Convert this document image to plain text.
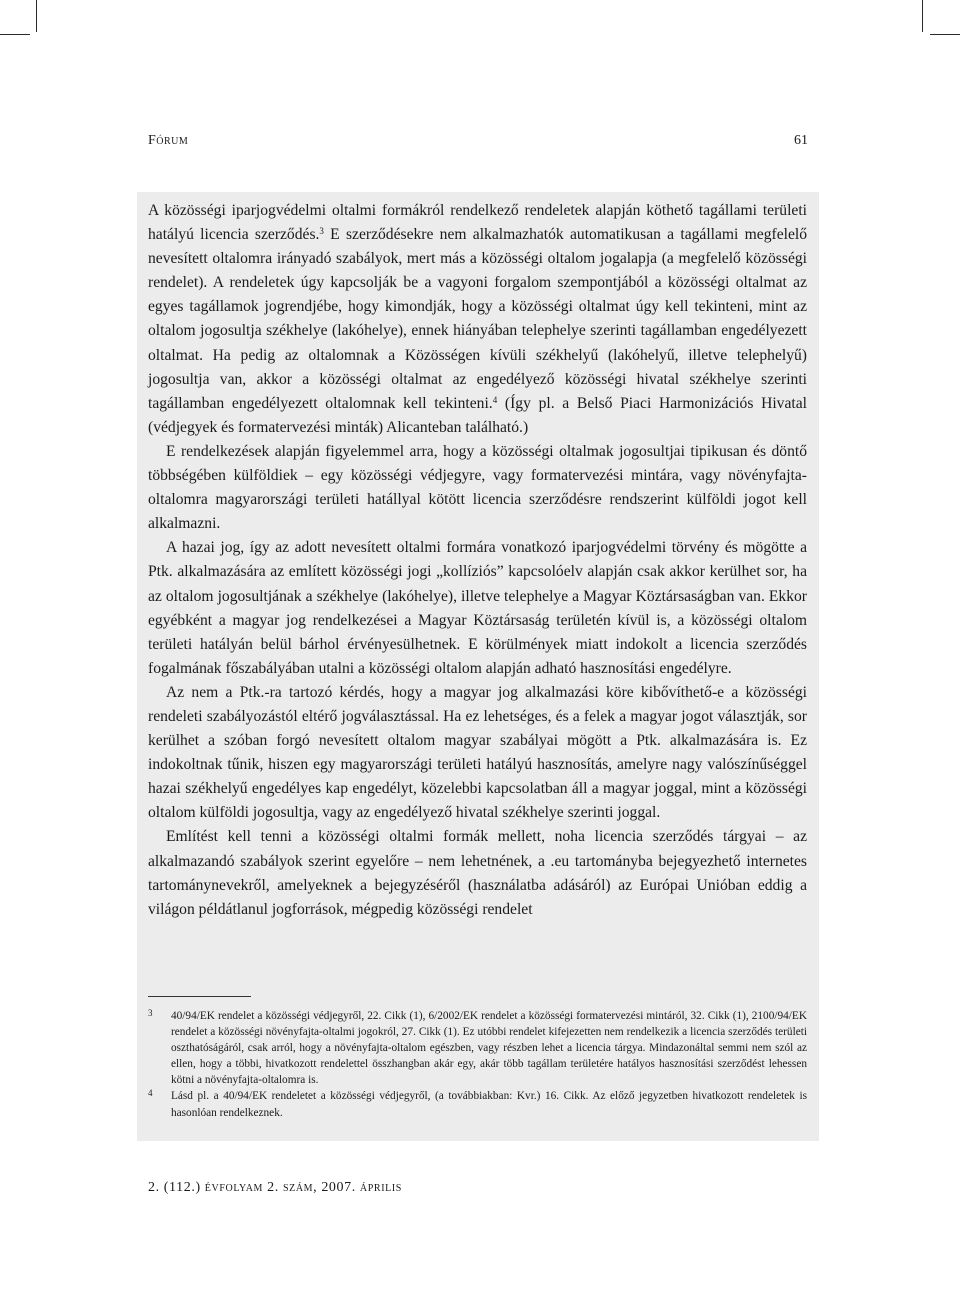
Fórum	61

A közösségi iparjogvédelmi oltalmi formákról rendelkező rendeletek alapján köthető tagállami területi hatályú licencia szerződés.$^3$ E szerződésekre nem alkalmazhatók automatikusan a tagállami megfelelő nevesített oltalomra irányadó szabályok, mert más a közösségi oltalom jogalapja (a megfelelő közösségi rendelet). A rendeletek úgy kapcsolják be a vagyoni forgalom szempontjából a közösségi oltalmat az egyes tagállamok jogrendjébe, hogy kimondják, hogy a közösségi oltalmat úgy kell tekinteni, mint az oltalom jogosultja székhelye (lakóhelye), ennek hiányában telephelye szerinti tagállamban engedélyezett oltalmat. Ha pedig az oltalomnak a Közösségen kívüli székhelyű (lakóhelyű, illetve telephelyű) jogosultja van, akkor a közösségi oltalmat az engedélyező közösségi hivatal székhelye szerinti tagállamban engedélyezett oltalomnak kell tekinteni.$^4$ (Így pl. a Belső Piaci Harmonizációs Hivatal (védjegyek és formatervezési minták) Alicanteban található.)

E rendelkezések alapján figyelemmel arra, hogy a közösségi oltalmak jogosultjai tipikusan és döntő többségében külföldiek – egy közösségi védjegyre, vagy formatervezési mintára, vagy növényfajta-oltalomra magyarországi területi hatállyal kötött licencia szerződésre rendszerint külföldi jogot kell alkalmazni.

A hazai jog, így az adott nevesített oltalmi formára vonatkozó iparjogvédelmi törvény és mögötte a Ptk. alkalmazására az említett közösségi jogi „kollíziós” kapcsolóelv alapján csak akkor kerülhet sor, ha az oltalom jogosultjának a székhelye (lakóhelye), illetve telephelye a Magyar Köztársaságban van. Ekkor egyébként a magyar jog rendelkezései a Magyar Köztársaság területén kívül is, a közösségi oltalom területi hatályán belül bárhol érvényesülhetnek. E körülmények miatt indokolt a licencia szerződés fogalmának főszabályában utalni a közösségi oltalom alapján adható hasznosítási engedélyre.

Az nem a Ptk.-ra tartozó kérdés, hogy a magyar jog alkalmazási köre kibővíthető-e a közösségi rendeleti szabályozástól eltérő jogválasztással. Ha ez lehetséges, és a felek a magyar jogot választják, sor kerülhet a szóban forgó nevesített oltalom magyar szabályai mögött a Ptk. alkalmazására is. Ez indokoltnak tűnik, hiszen egy magyarországi területi hatályú hasznosítás, amelyre nagy valószínűséggel hazai székhelyű engedélyes kap engedélyt, közelebbi kapcsolatban áll a magyar joggal, mint a közösségi oltalom külföldi jogosultja, vagy az engedélyező hivatal székhelye szerinti joggal.

Említést kell tenni a közösségi oltalmi formák mellett, noha licencia szerződés tárgyai – az alkalmazandó szabályok szerint egyelőre – nem lehetnének, a .eu tartományba bejegyezhető internetes tartománynevekről, amelyeknek a bejegyzéséről (használatba adásáról) az Európai Unióban eddig a világon példátlanul jogforrások, mégpedig közösségi rendelet

3 40/94/EK rendelet a közösségi védjegyről, 22. Cikk (1), 6/2002/EK rendelet a közösségi formatervezési mintáról, 32. Cikk (1), 2100/94/EK rendelet a közösségi növényfajta-oltalmi jogokról, 27. Cikk (1). Ez utóbbi rendelet kifejezetten nem rendelkezik a licencia szerződés területi oszthatóságáról, csak arról, hogy a növényfajta-oltalom egészben, vagy részben lehet a licencia tárgya. Mindazonáltal semmi nem szól az ellen, hogy a többi, hivatkozott rendelettel összhangban akár egy, akár több tagállam területére hatályos hasznosítási szerződést lehessen kötni a növényfajta-oltalomra is.
4 Lásd pl. a 40/94/EK rendeletet a közösségi védjegyről, (a továbbiakban: Kvr.) 16. Cikk. Az előző jegyzetben hivatkozott rendeletek is hasonlóan rendelkeznek.
2. (112.) évfolyam 2. szám, 2007. április
